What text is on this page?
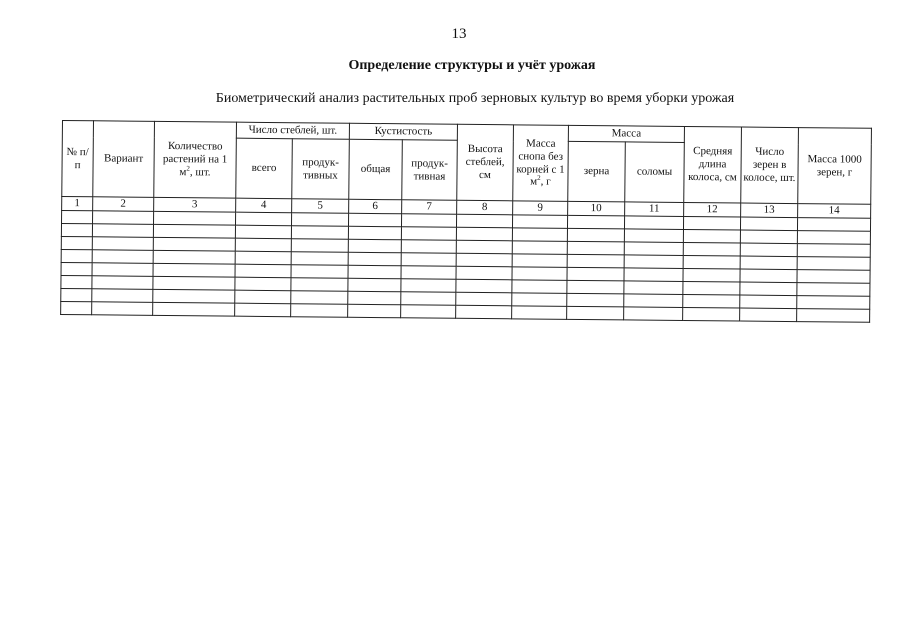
13
Определение структуры и учёт урожая
Биометрический анализ растительных проб зерновых культур во время уборки урожая
№ п/п	Вариант	Количество растений на 1 $м^2$, шт.	Число стеблей, шт.		Кустистость		Высота стеблей, см	Масса снопа без корней с 1 $м^2$, г	Масса		Средняя длина колоса, см	Число зерен в колосе, шт.	Масса 1000 зерен, г
			всего	продук-тивных	общая	продук-тивная			зерна	соломы			
1	2	3	4	5	6	7	8	9	10	11	12	13	14
